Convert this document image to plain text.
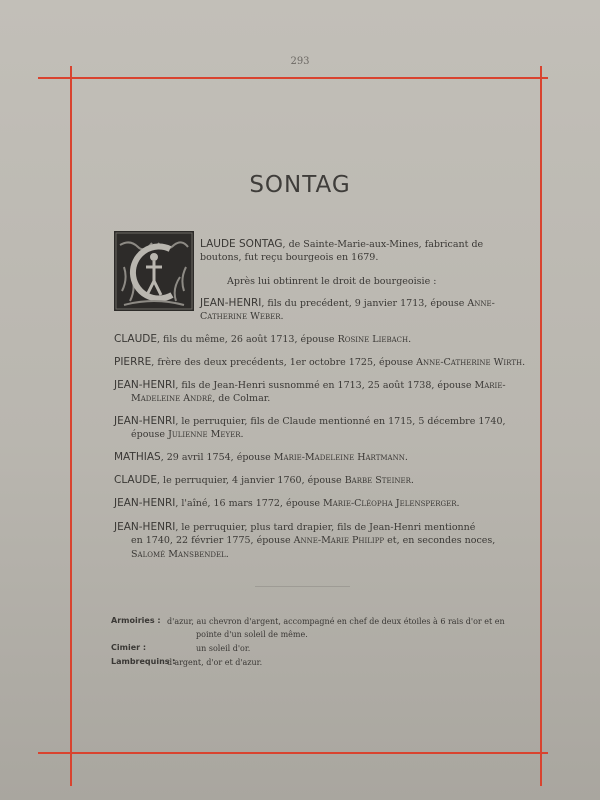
293
SONTAG
LAUDE SONTAG, de Sainte-Marie-aux-Mines, fabricant de
boutons, fut reçu bourgeois en 1679.
Après lui obtinrent le droit de bourgeoisie :
JEAN-HENRI, fils du precédent, 9 janvier 1713, épouse Anne-
Catherine Weber.
CLAUDE, fils du même, 26 août 1713, épouse Rosine Liebach.
PIERRE, frère des deux precédents, 1er octobre 1725, épouse Anne-Catherine Wirth.
JEAN-HENRI, fils de Jean-Henri susnommé en 1713, 25 août 1738, épouse Marie-
Madeleine André, de Colmar.
JEAN-HENRI, le perruquier, fils de Claude mentionné en 1715, 5 décembre 1740,
épouse Julienne Meyer.
MATHIAS, 29 avril 1754, épouse Marie-Madeleine Hartmann.
CLAUDE, le perruquier, 4 janvier 1760, épouse Barbe Steiner.
JEAN-HENRI, l'aîné, 16 mars 1772, épouse Marie-Cléopha Jelensperger.
JEAN-HENRI, le perruquier, plus tard drapier, fils de Jean-Henri mentionné
en 1740, 22 février 1775, épouse Anne-Marie Philipp et, en secondes noces,
Salomé Mansbendel.
Armoiries : d'azur, au chevron d'argent, accompagné en chef de deux étoiles à 6 rais d'or et en
pointe d'un soleil de même.
Cimier :	un soleil d'or.
Lambrequins :
d'argent, d'or et d'azur.
